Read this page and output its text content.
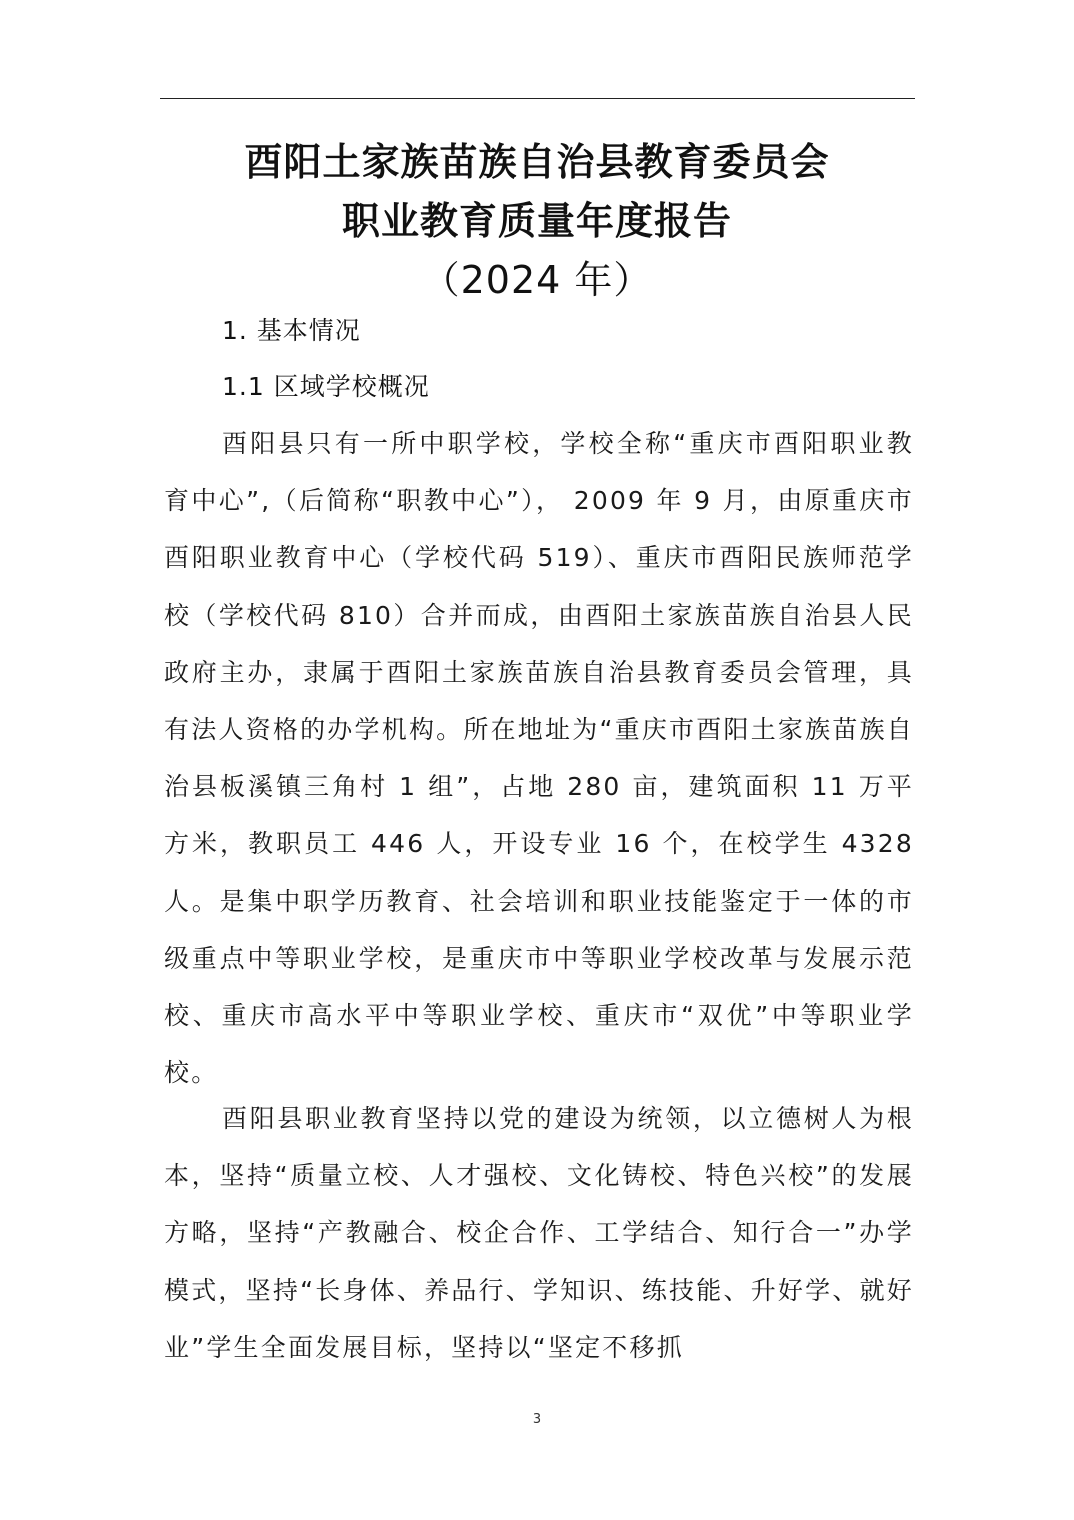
酉阳土家族苗族自治县教育委员会
职业教育质量年度报告
（2024 年）
1. 基本情况
1.1 区域学校概况

酉阳县只有一所中职学校，学校全称“重庆市酉阳职业教育中心”,（后简称“职教中心”）， 2009 年 9 月，由原重庆市酉阳职业教育中心（学校代码 519）、重庆市酉阳民族师范学校（学校代码 810）合并而成，由酉阳土家族苗族自治县人民政府主办，隶属于酉阳土家族苗族自治县教育委员会管理，具有法人资格的办学机构。所在地址为“重庆市酉阳土家族苗族自治县板溪镇三角村 1 组”，占地 280 亩，建筑面积 11 万平方米，教职员工 446 人，开设专业 16 个，在校学生 4328 人。是集中职学历教育、社会培训和职业技能鉴定于一体的市级重点中等职业学校，是重庆市中等职业学校改革与发展示范校、重庆市高水平中等职业学校、重庆市“双优”中等职业学校。

酉阳县职业教育坚持以党的建设为统领，以立德树人为根本，坚持“质量立校、人才强校、文化铸校、特色兴校”的发展方略，坚持“产教融合、校企合作、工学结合、知行合一”办学模式，坚持“长身体、养品行、学知识、练技能、升好学、就好业”学生全面发展目标，坚持以“坚定不移抓

3
